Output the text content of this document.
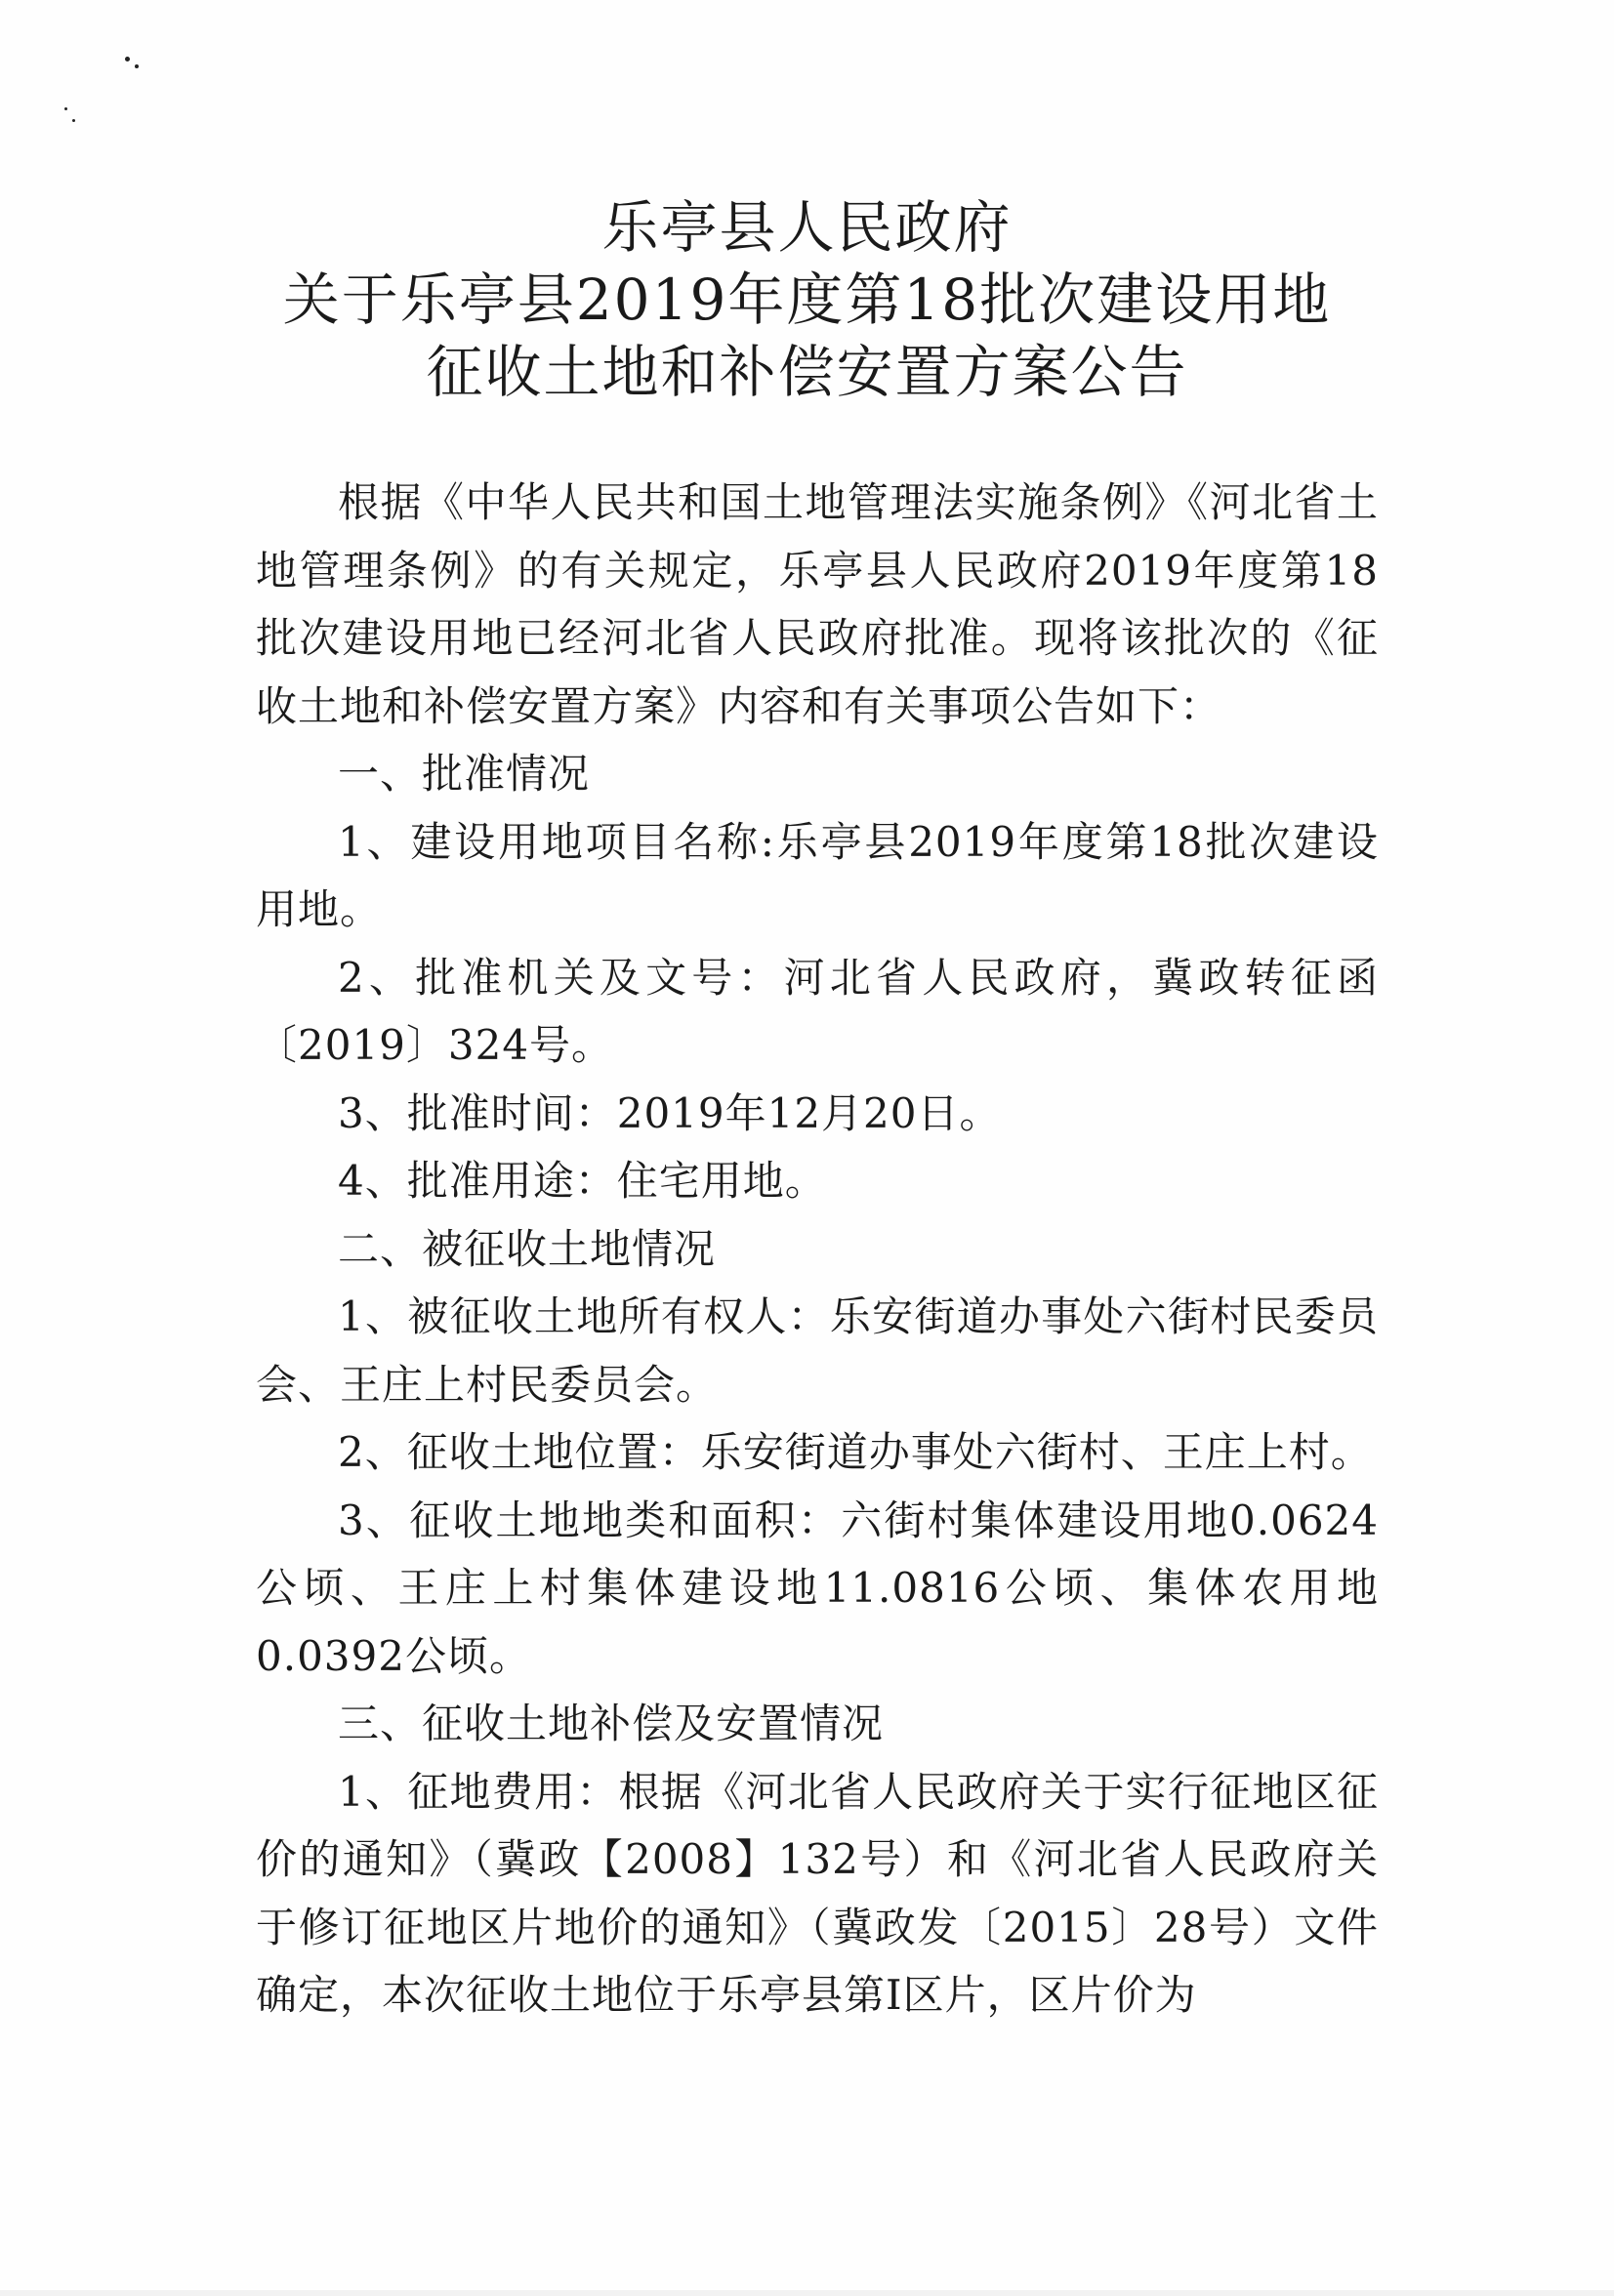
乐亭县人民政府
关于乐亭县2019年度第18批次建设用地
征收土地和补偿安置方案公告

根据《中华人民共和国土地管理法实施条例》《河北省土地管理条例》的有关规定，乐亭县人民政府2019年度第18批次建设用地已经河北省人民政府批准。现将该批次的《征收土地和补偿安置方案》内容和有关事项公告如下：

一、批准情况

1、建设用地项目名称:乐亭县2019年度第18批次建设用地。

2、批准机关及文号：河北省人民政府，冀政转征函〔2019〕324号。

3、批准时间：2019年12月20日。

4、批准用途：住宅用地。

二、被征收土地情况

1、被征收土地所有权人：乐安街道办事处六街村民委员会、王庄上村民委员会。

2、征收土地位置：乐安街道办事处六街村、王庄上村。

3、征收土地地类和面积：六街村集体建设用地0.0624公顷、王庄上村集体建设地11.0816公顷、集体农用地0.0392公顷。

三、征收土地补偿及安置情况

1、征地费用：根据《河北省人民政府关于实行征地区征价的通知》（冀政【2008】132号）和《河北省人民政府关于修订征地区片地价的通知》（冀政发〔2015〕28号）文件确定，本次征收土地位于乐亭县第Ⅰ区片，区片价为
